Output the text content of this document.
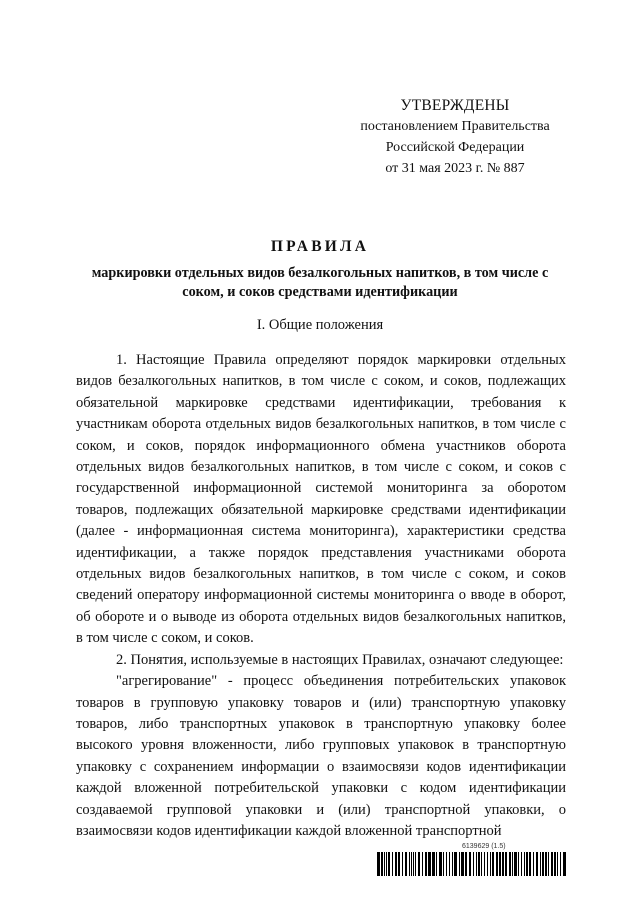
УТВЕРЖДЕНЫ
постановлением Правительства
Российской Федерации
от 31 мая 2023 г. № 887
ПРАВИЛА
маркировки отдельных видов безалкогольных напитков, в том числе с соком, и соков средствами идентификации
I. Общие положения

1. Настоящие Правила определяют порядок маркировки отдельных видов безалкогольных напитков, в том числе с соком, и соков, подлежащих обязательной маркировке средствами идентификации, требования к участникам оборота отдельных видов безалкогольных напитков, в том числе с соком, и соков, порядок информационного обмена участников оборота отдельных видов безалкогольных напитков, в том числе с соком, и соков с государственной информационной системой мониторинга за оборотом товаров, подлежащих обязательной маркировке средствами идентификации (далее - информационная система мониторинга), характеристики средства идентификации, а также порядок представления участниками оборота отдельных видов безалкогольных напитков, в том числе с соком, и соков сведений оператору информационной системы мониторинга о вводе в оборот, об обороте и о выводе из оборота отдельных видов безалкогольных напитков, в том числе с соком, и соков.

2. Понятия, используемые в настоящих Правилах, означают следующее:

"агрегирование" - процесс объединения потребительских упаковок товаров в групповую упаковку товаров и (или) транспортную упаковку товаров, либо транспортных упаковок в транспортную упаковку более высокого уровня вложенности, либо групповых упаковок в транспортную упаковку с сохранением информации о взаимосвязи кодов идентификации каждой вложенной потребительской упаковки с кодом идентификации создаваемой групповой упаковки и (или) транспортной упаковки, о взаимосвязи кодов идентификации каждой вложенной транспортной

6139629 (1.5)
